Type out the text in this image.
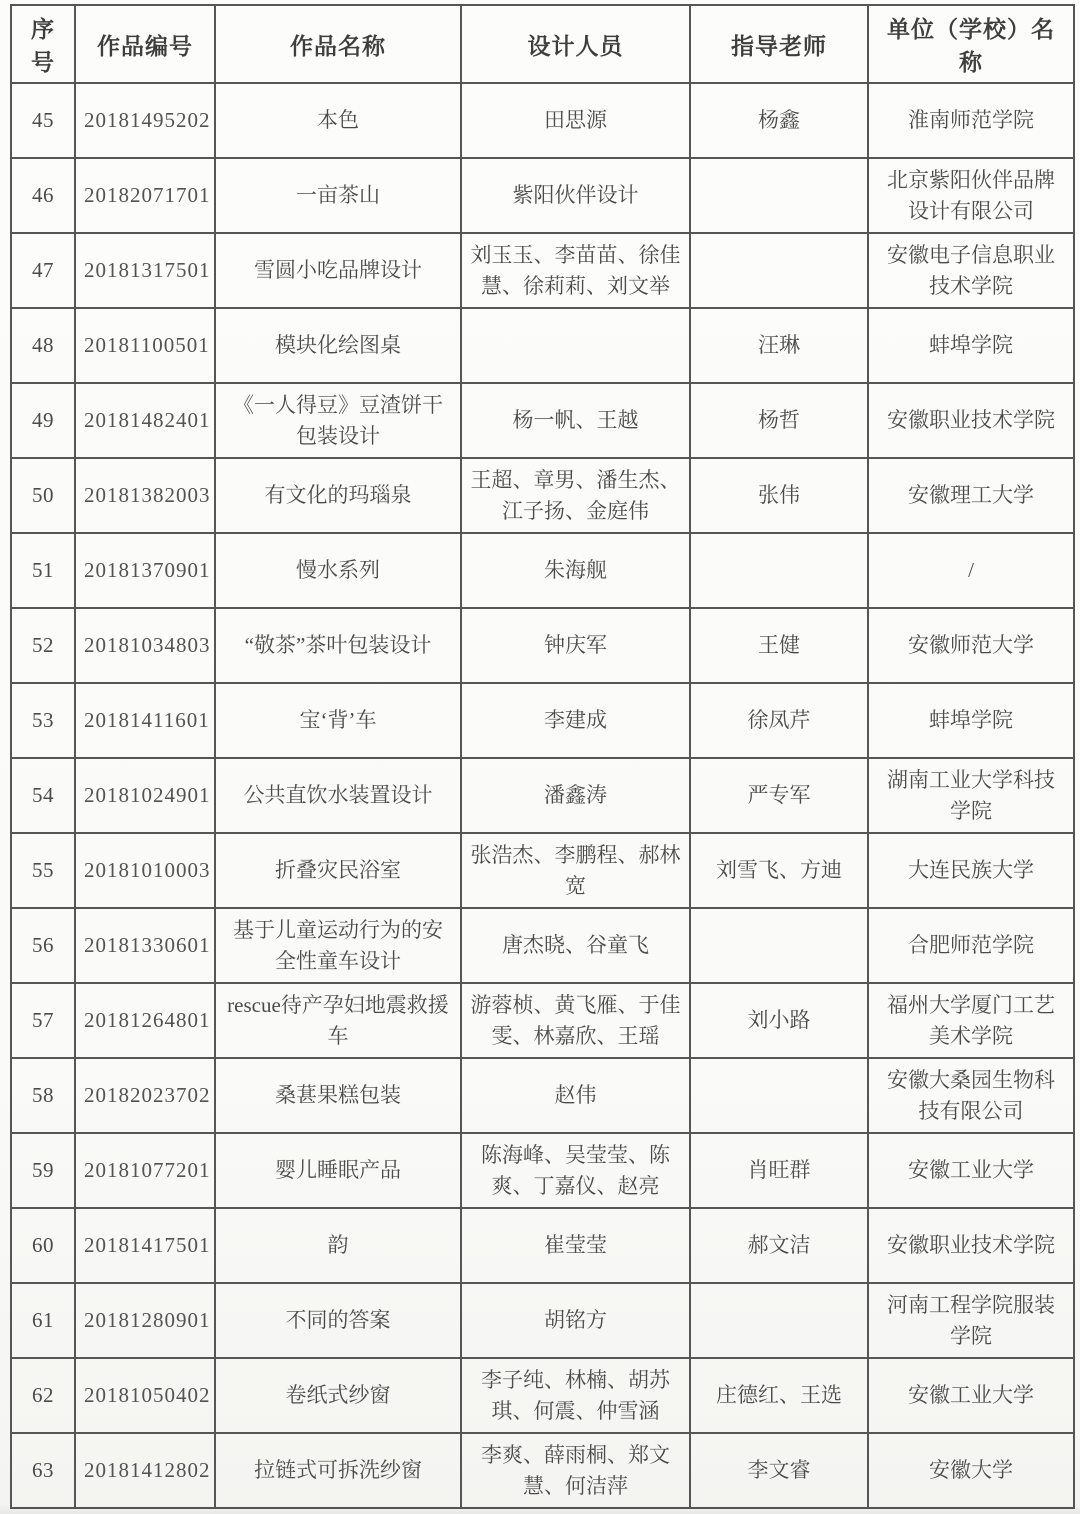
序号	作品编号	作品名称	设计人员	指导老师	单位（学校）名称
45	20181495202	本色	田思源	杨鑫	淮南师范学院
46	20182071701	一亩茶山	紫阳伙伴设计		北京紫阳伙伴品牌设计有限公司
47	20181317501	雪圆小吃品牌设计	刘玉玉、李苗苗、徐佳慧、徐莉莉、刘文举		安徽电子信息职业技术学院
48	20181100501	模块化绘图桌		汪琳	蚌埠学院
49	20181482401	《一人得豆》豆渣饼干包装设计	杨一帆、王越	杨哲	安徽职业技术学院
50	20181382003	有文化的玛瑙泉	王超、章男、潘生杰、江子扬、金庭伟	张伟	安徽理工大学
51	20181370901	慢水系列	朱海舰		/
52	20181034803	“敬茶”茶叶包装设计	钟庆军	王健	安徽师范大学
53	20181411601	宝‘背’车	李建成	徐凤芹	蚌埠学院
54	20181024901	公共直饮水装置设计	潘鑫涛	严专军	湖南工业大学科技学院
55	20181010003	折叠灾民浴室	张浩杰、李鹏程、郝林宽	刘雪飞、方迪	大连民族大学
56	20181330601	基于儿童运动行为的安全性童车设计	唐杰晓、谷童飞		合肥师范学院
57	20181264801	rescue待产孕妇地震救援车	游蓉桢、黄飞雁、于佳雯、林嘉欣、王瑶	刘小路	福州大学厦门工艺美术学院
58	20182023702	桑葚果糕包装	赵伟		安徽大桑园生物科技有限公司
59	20181077201	婴儿睡眠产品	陈海峰、吴莹莹、陈爽、丁嘉仪、赵亮	肖旺群	安徽工业大学
60	20181417501	韵	崔莹莹	郝文洁	安徽职业技术学院
61	20181280901	不同的答案	胡铭方		河南工程学院服装学院
62	20181050402	卷纸式纱窗	李子纯、林楠、胡苏琪、何震、仲雪涵	庄德红、王选	安徽工业大学
63	20181412802	拉链式可拆洗纱窗	李爽、薛雨桐、郑文慧、何洁萍	李文睿	安徽大学
